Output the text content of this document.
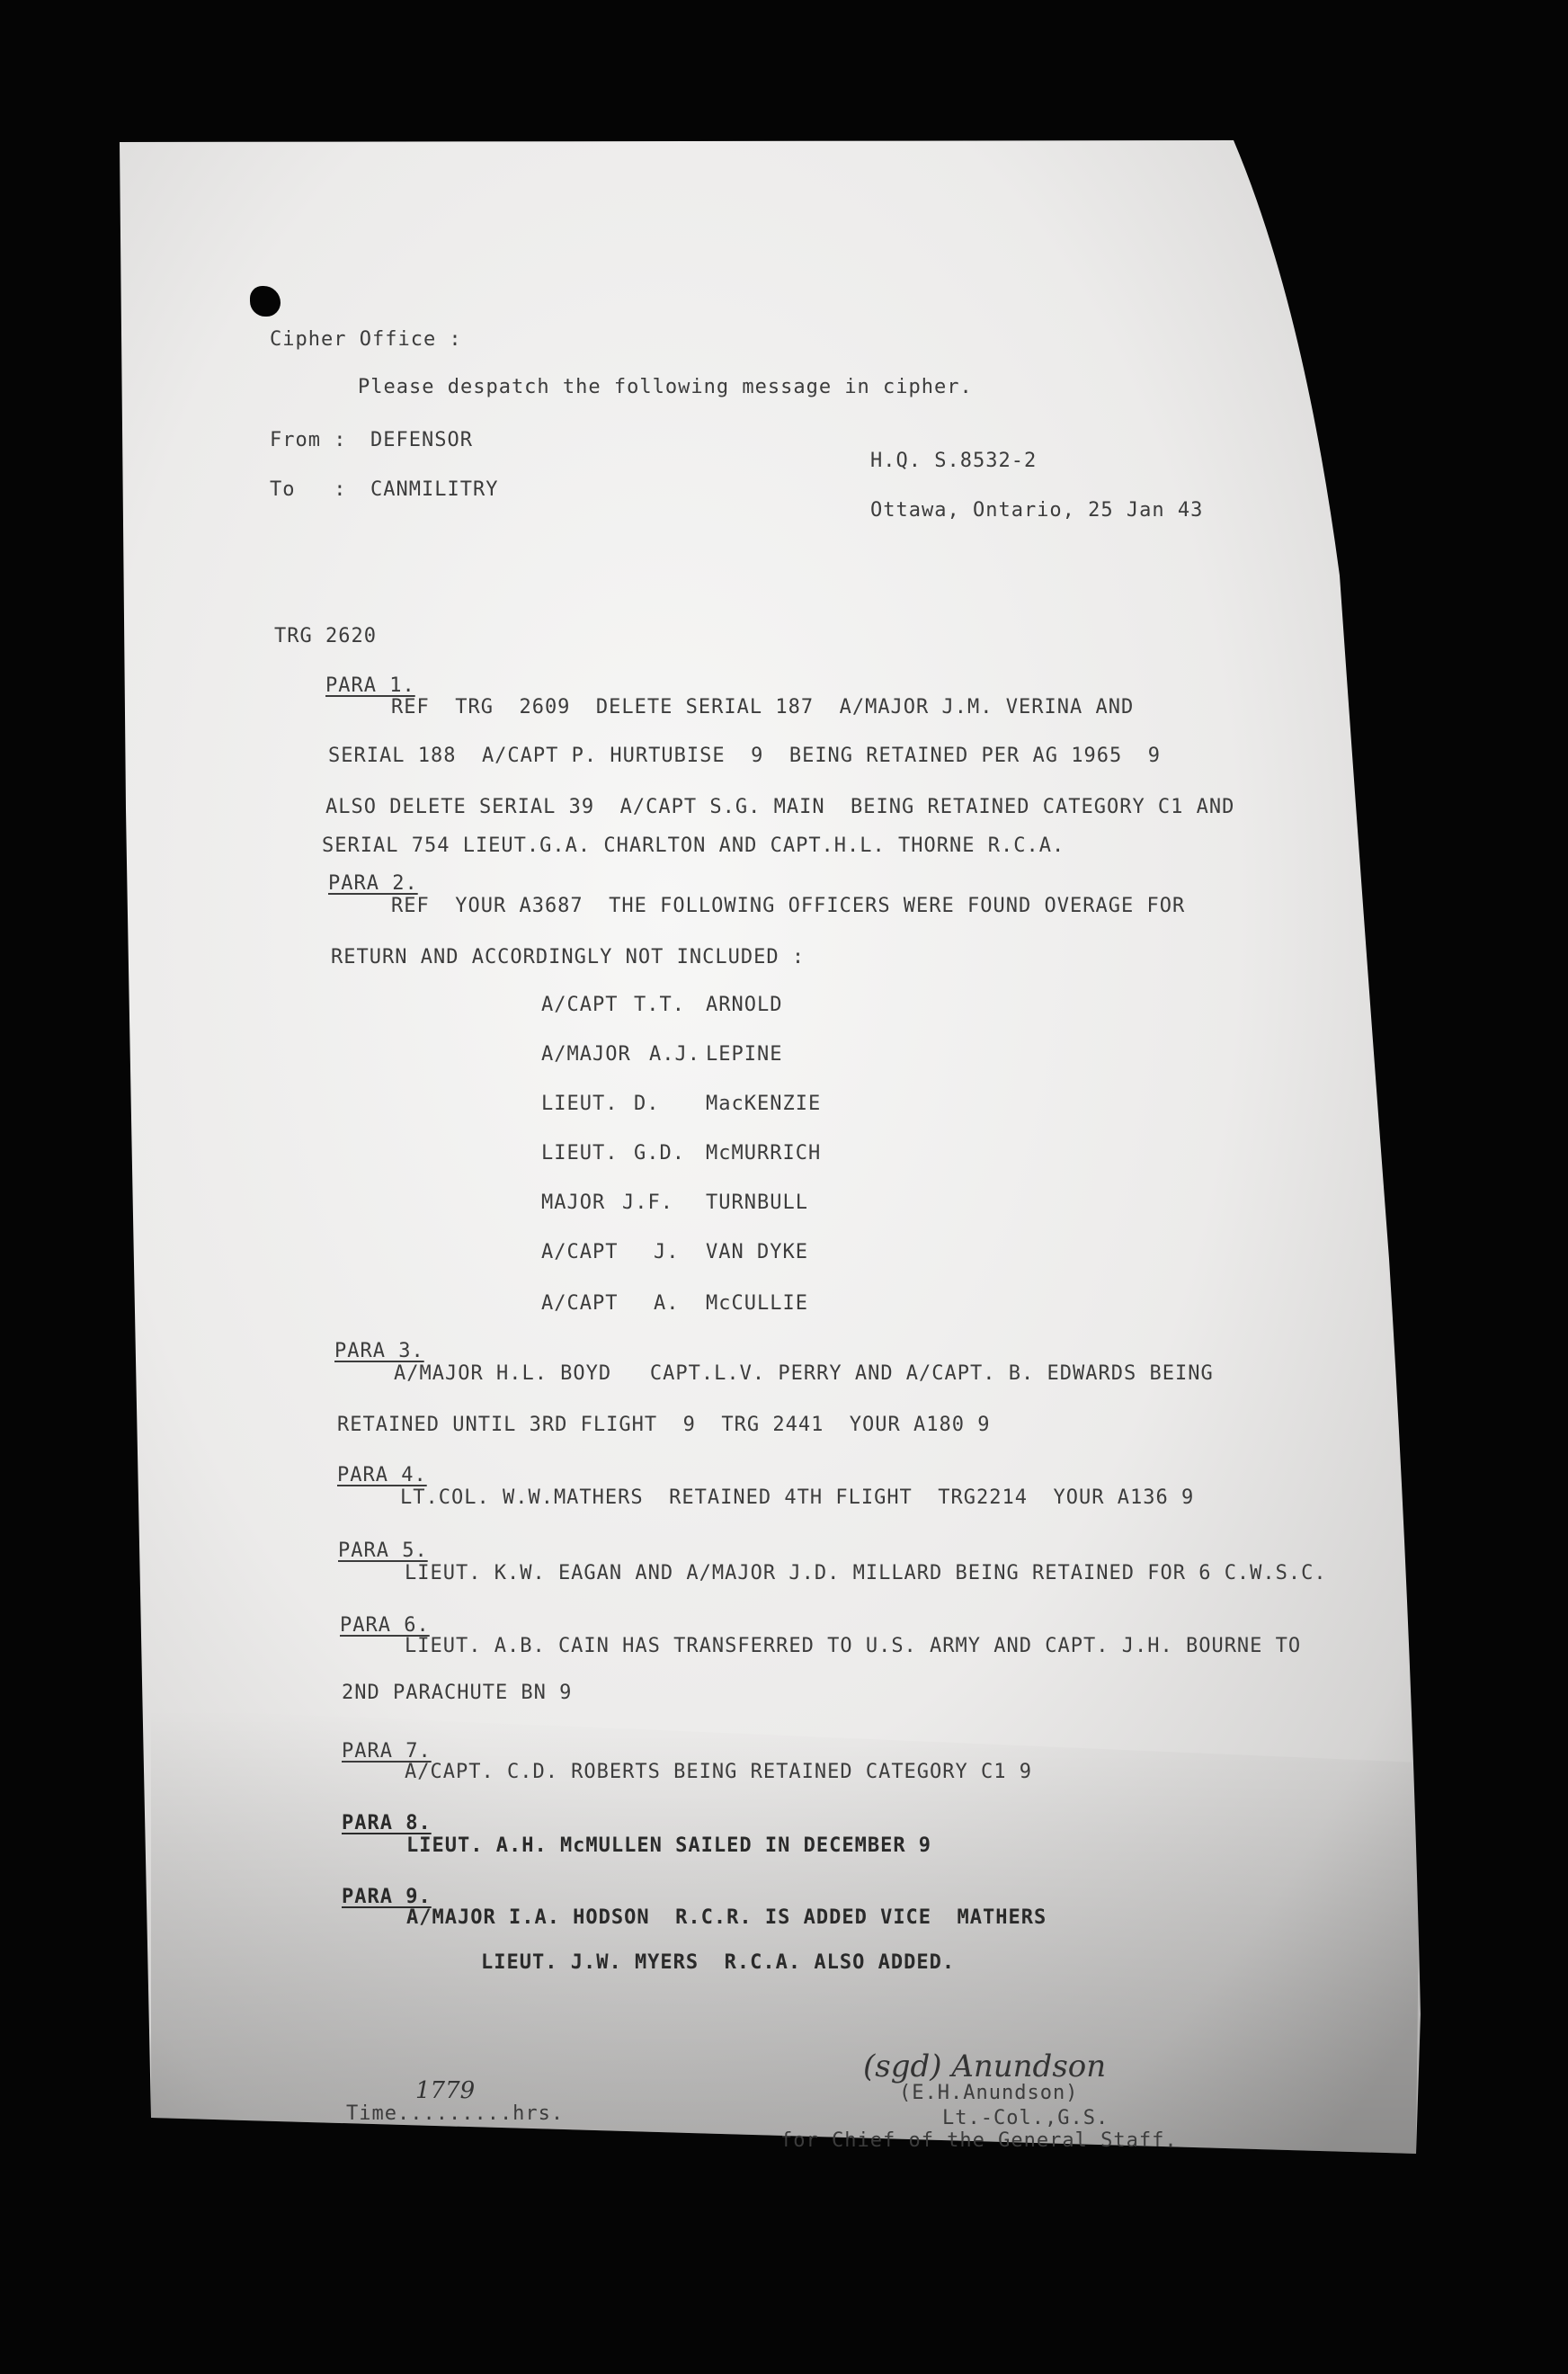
Cipher Office :
Please despatch the following message in cipher.
From : DEFENSOR
To   : CANMILITRY
H.Q. S.8532-2
Ottawa, Ontario, 25 Jan 43
TRG 2620
PARA 1.
REF  TRG  2609  DELETE SERIAL 187  A/MAJOR J.M. VERINA AND
SERIAL 188  A/CAPT P. HURTUBISE  9  BEING RETAINED PER AG 1965  9
ALSO DELETE SERIAL 39  A/CAPT S.G. MAIN  BEING RETAINED CATEGORY C1 AND
SERIAL 754 LIEUT.G.A. CHARLTON AND CAPT.H.L. THORNE R.C.A.
PARA 2.
REF  YOUR A3687  THE FOLLOWING OFFICERS WERE FOUND OVERAGE FOR
RETURN AND ACCORDINGLY NOT INCLUDED :
A/CAPT T.T. ARNOLD
A/MAJOR A.J. LEPINE
LIEUT. D. MacKENZIE
LIEUT. G.D. McMURRICH
MAJOR J.F. TURNBULL
A/CAPT J. VAN DYKE
A/CAPT A. McCULLIE
PARA 3.
A/MAJOR H.L. BOYD   CAPT.L.V. PERRY AND A/CAPT. B. EDWARDS BEING
RETAINED UNTIL 3RD FLIGHT  9  TRG 2441  YOUR A180 9
PARA 4.
LT.COL. W.W.MATHERS  RETAINED 4TH FLIGHT  TRG2214  YOUR A136 9
PARA 5.
LIEUT. K.W. EAGAN AND A/MAJOR J.D. MILLARD BEING RETAINED FOR 6 C.W.S.C.
PARA 6.
LIEUT. A.B. CAIN HAS TRANSFERRED TO U.S. ARMY AND CAPT. J.H. BOURNE TO
2ND PARACHUTE BN 9
PARA 7.
A/CAPT. C.D. ROBERTS BEING RETAINED CATEGORY C1 9
PARA 8.
LIEUT. A.H. McMULLEN SAILED IN DECEMBER 9
PARA 9.
A/MAJOR I.A. HODSON  R.C.R. IS ADDED VICE  MATHERS
LIEUT. J.W. MYERS  R.C.A. ALSO ADDED.
1779
Time.........hrs.
(sgd) Anundson
(E.H.Anundson)
Lt.-Col.,G.S.
for Chief of the General Staff.
